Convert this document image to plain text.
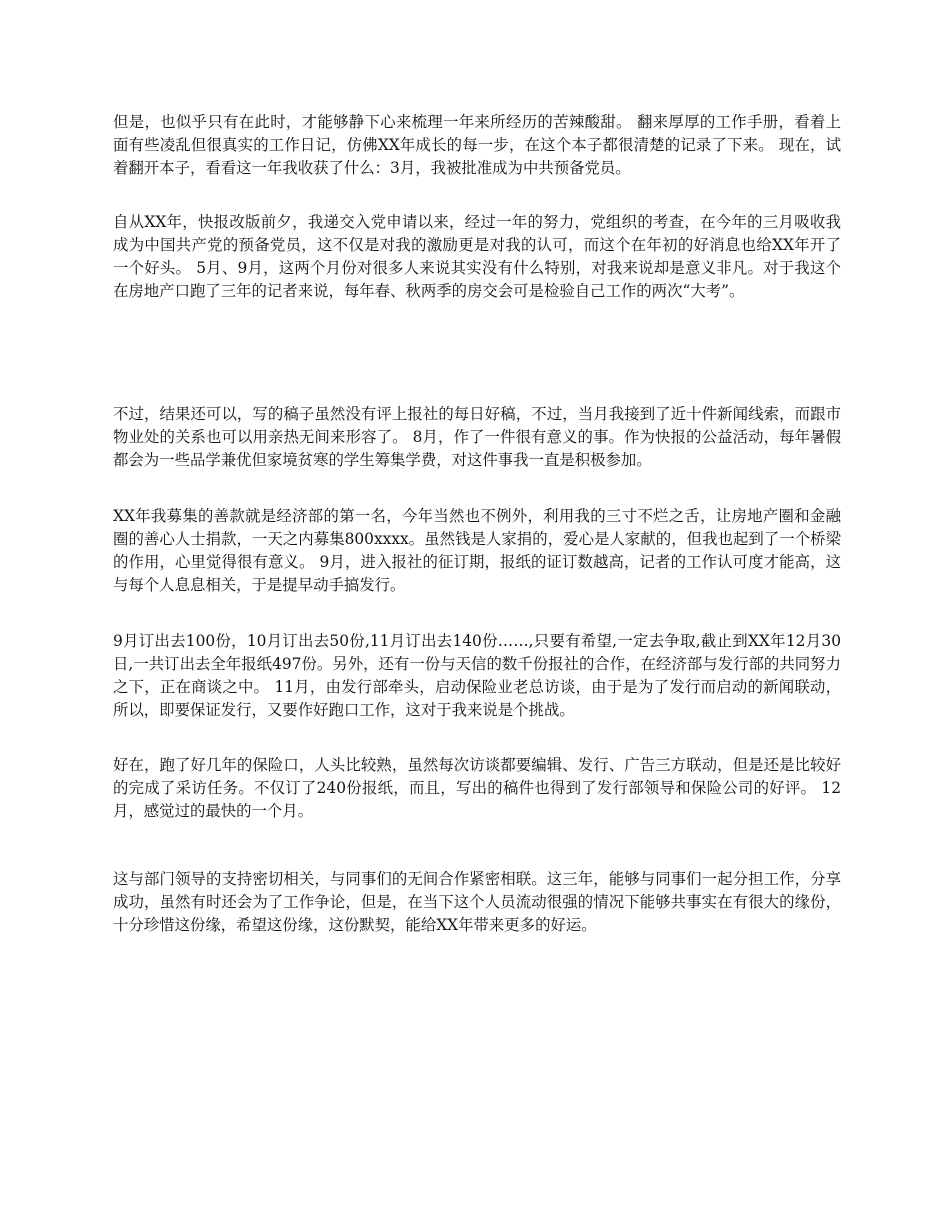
但是，也似乎只有在此时，才能够静下心来梳理一年来所经历的苦辣酸甜。 翻来厚厚的工作手册，看着上面有些凌乱但很真实的工作日记，仿佛XX年成长的每一步，在这个本子都很清楚的记录了下来。 现在，试着翻开本子，看看这一年我收获了什么：3月，我被批准成为中共预备党员。

自从XX年，快报改版前夕，我递交入党申请以来，经过一年的努力，党组织的考查，在今年的三月吸收我成为中国共产党的预备党员，这不仅是对我的激励更是对我的认可，而这个在年初的好消息也给XX年开了一个好头。 5月、9月，这两个月份对很多人来说其实没有什么特别，对我来说却是意义非凡。对于我这个在房地产口跑了三年的记者来说，每年春、秋两季的房交会可是检验自己工作的两次“大考”。

不过，结果还可以，写的稿子虽然没有评上报社的每日好稿，不过，当月我接到了近十件新闻线索，而跟市物业处的关系也可以用亲热无间来形容了。 8月，作了一件很有意义的事。作为快报的公益活动，每年暑假都会为一些品学兼优但家境贫寒的学生筹集学费，对这件事我一直是积极参加。

XX年我募集的善款就是经济部的第一名，今年当然也不例外，利用我的三寸不烂之舌，让房地产圈和金融圈的善心人士捐款，一天之内募集800xxxx。虽然钱是人家捐的，爱心是人家献的，但我也起到了一个桥梁的作用，心里觉得很有意义。 9月，进入报社的征订期，报纸的证订数越高，记者的工作认可度才能高，这与每个人息息相关，于是提早动手搞发行。

9月订出去100份，10月订出去50份,11月订出去140份……,只要有希望,一定去争取,截止到XX年12月30日,一共订出去全年报纸497份。另外，还有一份与天信的数千份报社的合作，在经济部与发行部的共同努力之下，正在商谈之中。 11月，由发行部牵头，启动保险业老总访谈，由于是为了发行而启动的新闻联动，所以，即要保证发行，又要作好跑口工作，这对于我来说是个挑战。

好在，跑了好几年的保险口，人头比较熟，虽然每次访谈都要编辑、发行、广告三方联动，但是还是比较好的完成了采访任务。不仅订了240份报纸，而且，写出的稿件也得到了发行部领导和保险公司的好评。 12月，感觉过的最快的一个月。

这与部门领导的支持密切相关，与同事们的无间合作紧密相联。这三年，能够与同事们一起分担工作，分享成功，虽然有时还会为了工作争论，但是，在当下这个人员流动很强的情况下能够共事实在有很大的缘份，十分珍惜这份缘，希望这份缘，这份默契，能给XX年带来更多的好运。
